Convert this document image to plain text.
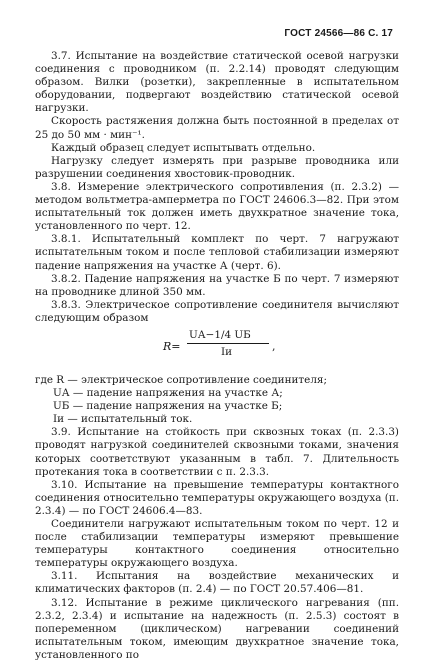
ГОСТ 24566—86 С. 17

3.7. Испытание на воздействие статической осевой нагрузки соединения с проводником (п. 2.2.14) проводят следующим образом. Вилки (розетки), закрепленные в испытательном оборудовании, подвергают воздействию статической осевой нагрузки.

Скорость растяжения должна быть постоянной в пределах от 25 до 50 мм · мин⁻¹.

Каждый образец следует испытывать отдельно.

Нагрузку следует измерять при разрыве проводника или разрушении соединения хвостовик-проводник.

3.8. Измерение электрического сопротивления (п. 2.3.2) — методом вольтметра-амперметра по ГОСТ 24606.3—82. При этом испытательный ток должен иметь двухкратное значение тока, установленного по черт. 12.

3.8.1. Испытательный комплект по черт. 7 нагружают испытательным током и после тепловой стабилизации измеряют падение напряжения на участке А (черт. 6).

3.8.2. Падение напряжения на участке Б по черт. 7 измеряют на проводнике длиной 350 мм.

3.8.3. Электрическое сопротивление соединителя вычисляют следующим образом

R=
UА−1/4 UБ
Iи	,

где R — электрическое сопротивление соединителя;

UА — падение напряжения на участке А;

UБ — падение напряжения на участке Б;

Iи — испытательный ток.

3.9. Испытание на стойкость при сквозных токах (п. 2.3.3) проводят нагрузкой соединителей сквозными токами, значения которых соответствуют указанным в табл. 7. Длительность протекания тока в соответствии с п. 2.3.3.

3.10. Испытание на превышение температуры контактного соединения относительно температуры окружающего воздуха (п. 2.3.4) — по ГОСТ 24606.4—83.

Соединители нагружают испытательным током по черт. 12 и после стабилизации температуры измеряют превышение температуры контактного соединения относительно температуры окружающего воздуха.

3.11. Испытания на воздействие механических и климатических факторов (п. 2.4) — по ГОСТ 20.57.406—81.

3.12. Испытание в режиме циклического нагревания (пп. 2.3.2, 2.3.4) и испытание на надежность (п. 2.5.3) состоят в попеременном (циклическом) нагревании соединений испытательным током, имеющим двухкратное значение тока, установленного по
